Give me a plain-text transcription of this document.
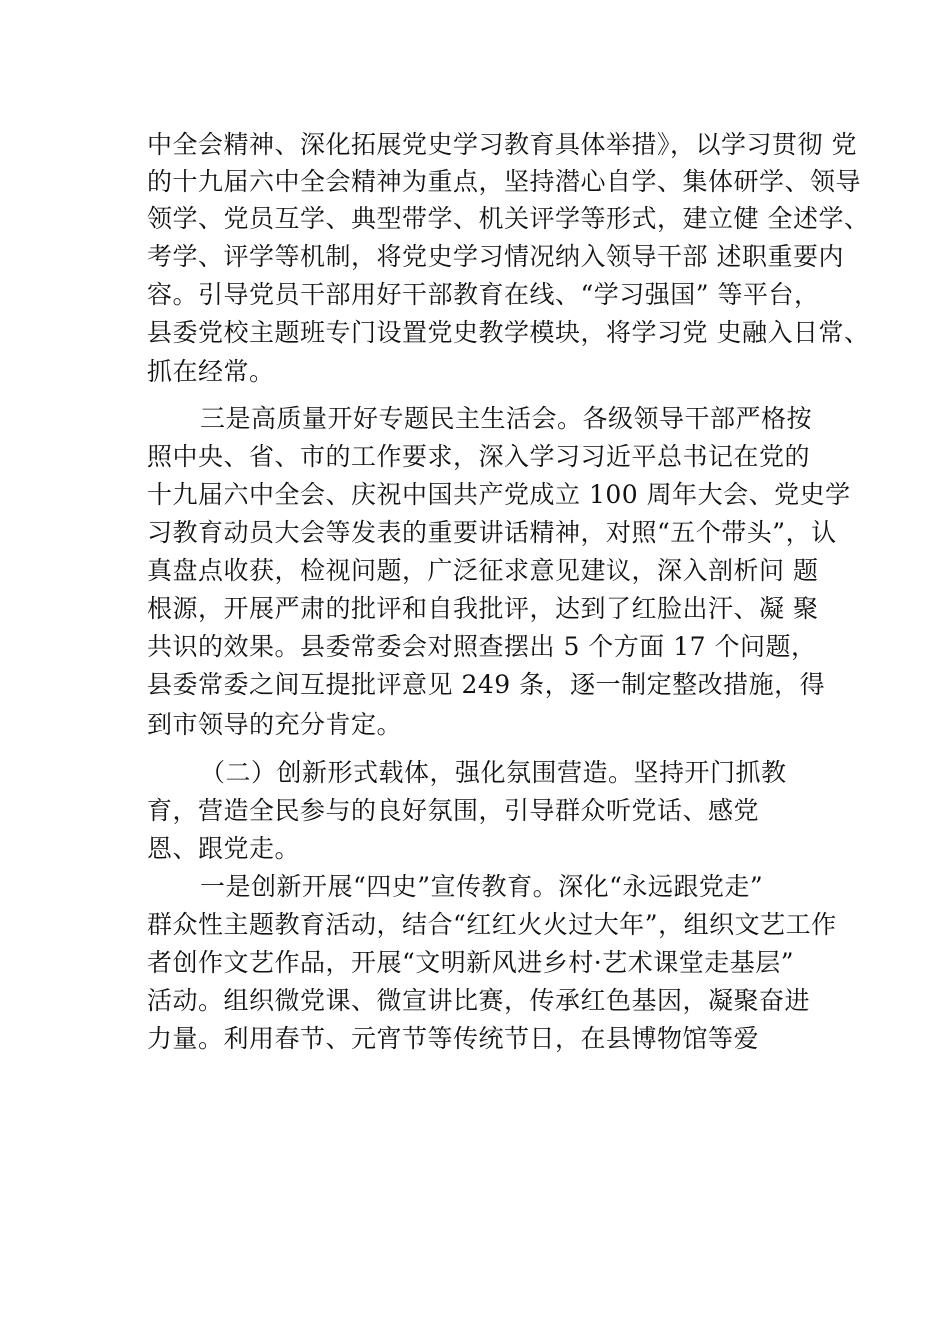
中全会精神、深化拓展党史学习教育具体举措》，以学习贯彻 党
的十九届六中全会精神为重点，坚持潜心自学、集体研学、领导
领学、党员互学、典型带学、机关评学等形式，建立健 全述学、
考学、评学等机制，将党史学习情况纳入领导干部 述职重要内
容。引导党员干部用好干部教育在线、“学习强国” 等平台，
县委党校主题班专门设置党史教学模块，将学习党 史融入日常、
抓在经常。
三是高质量开好专题民主生活会。各级领导干部严格按
照中央、省、市的工作要求，深入学习习近平总书记在党的
十九届六中全会、庆祝中国共产党成立 100 周年大会、党史学
习教育动员大会等发表的重要讲话精神，对照“五个带头”，认
真盘点收获，检视问题，广泛征求意见建议，深入剖析问 题
根源，开展严肃的批评和自我批评，达到了红脸出汗、凝 聚
共识的效果。县委常委会对照查摆出 5 个方面 17 个问题，
县委常委之间互提批评意见 249 条，逐一制定整改措施，得
到市领导的充分肯定。
（二）创新形式载体，强化氛围营造。坚持开门抓教
育，营造全民参与的良好氛围，引导群众听党话、感党
恩、跟党走。
一是创新开展“四史”宣传教育。深化“永远跟党走”
群众性主题教育活动，结合“红红火火过大年”，组织文艺工作
者创作文艺作品，开展“文明新风进乡村·艺术课堂走基层”
活动。组织微党课、微宣讲比赛，传承红色基因，凝聚奋进
力量。利用春节、元宵节等传统节日，在县博物馆等爱
